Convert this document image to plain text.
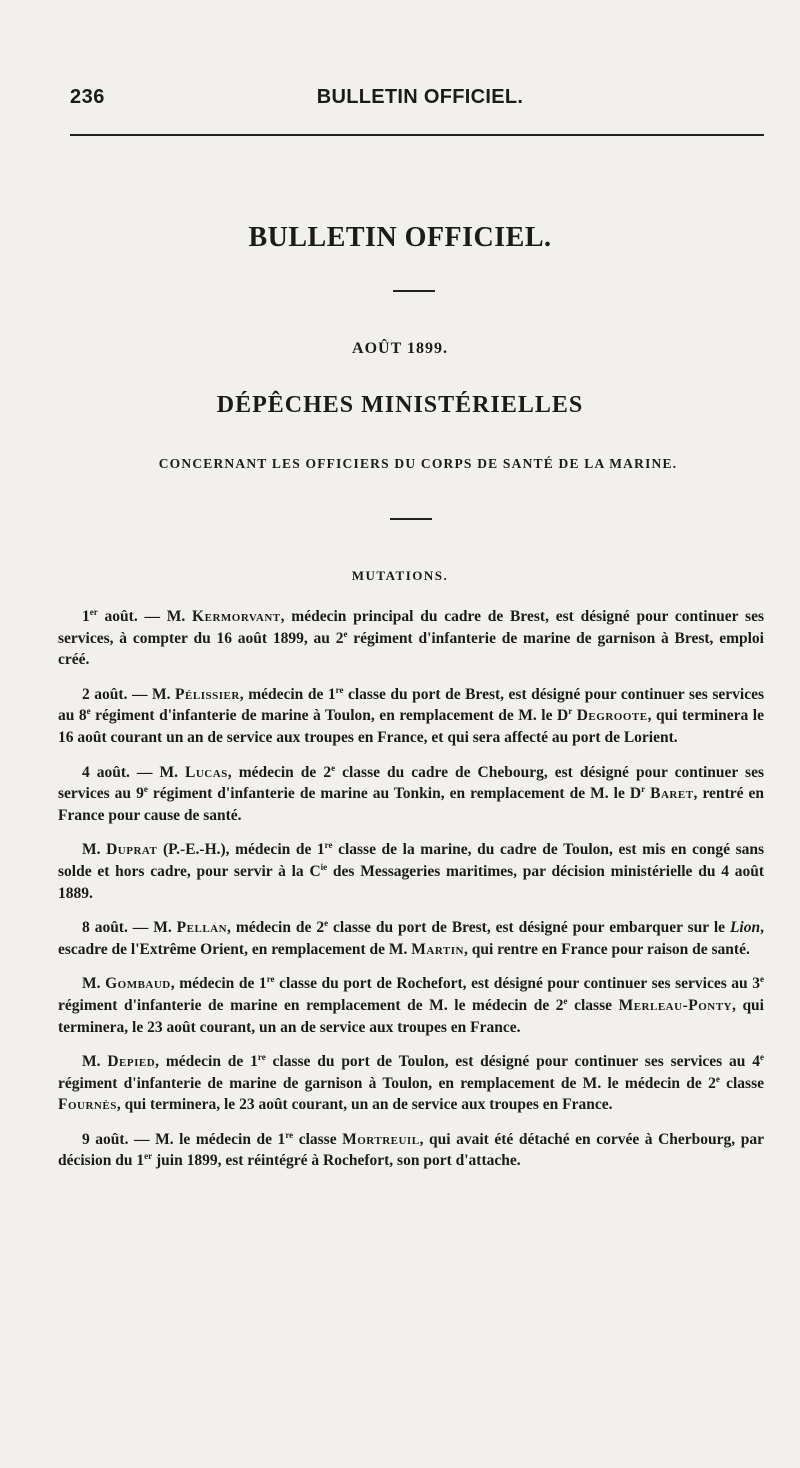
236	BULLETIN OFFICIEL.
BULLETIN OFFICIEL.
AOÛT 1899.
DÉPÊCHES MINISTÉRIELLES
CONCERNANT LES OFFICIERS DU CORPS DE SANTÉ DE LA MARINE.
MUTATIONS.

1er août. — M. Kermorvant, médecin principal du cadre de Brest, est désigné pour continuer ses services, à compter du 16 août 1899, au 2e régiment d'infanterie de marine de garnison à Brest, emploi créé.

2 août. — M. Pélissier, médecin de 1re classe du port de Brest, est désigné pour continuer ses services au 8e régiment d'infanterie de marine à Toulon, en remplacement de M. le $D^r$ Degroote, qui terminera le 16 août courant un an de service aux troupes en France, et qui sera affecté au port de Lorient.

4 août. — M. Lucas, médecin de 2e classe du cadre de Chebourg, est désigné pour continuer ses services au 9e régiment d'infanterie de marine au Tonkin, en remplacement de M. le $D^r$ Baret, rentré en France pour cause de santé.

M. Duprat (P.-E.-H.), médecin de 1re classe de la marine, du cadre de Toulon, est mis en congé sans solde et hors cadre, pour servir à la $C^{ie}$ des Messageries maritimes, par décision ministérielle du 4 août 1889.

8 août. — M. Pellan, médecin de 2e classe du port de Brest, est désigné pour embarquer sur le Lion, escadre de l'Extrême Orient, en remplacement de M. Martin, qui rentre en France pour raison de santé.

M. Gombaud, médecin de 1re classe du port de Rochefort, est désigné pour continuer ses services au 3e régiment d'infanterie de marine en remplacement de M. le médecin de 2e classe Merleau-Ponty, qui terminera, le 23 août courant, un an de service aux troupes en France.

M. Depied, médecin de 1re classe du port de Toulon, est désigné pour continuer ses services au 4e régiment d'infanterie de marine de garnison à Toulon, en remplacement de M. le médecin de 2e classe Fournès, qui terminera, le 23 août courant, un an de service aux troupes en France.

9 août. — M. le médecin de 1re classe Mortreuil, qui avait été détaché en corvée à Cherbourg, par décision du 1er juin 1899, est réintégré à Rochefort, son port d'attache.
